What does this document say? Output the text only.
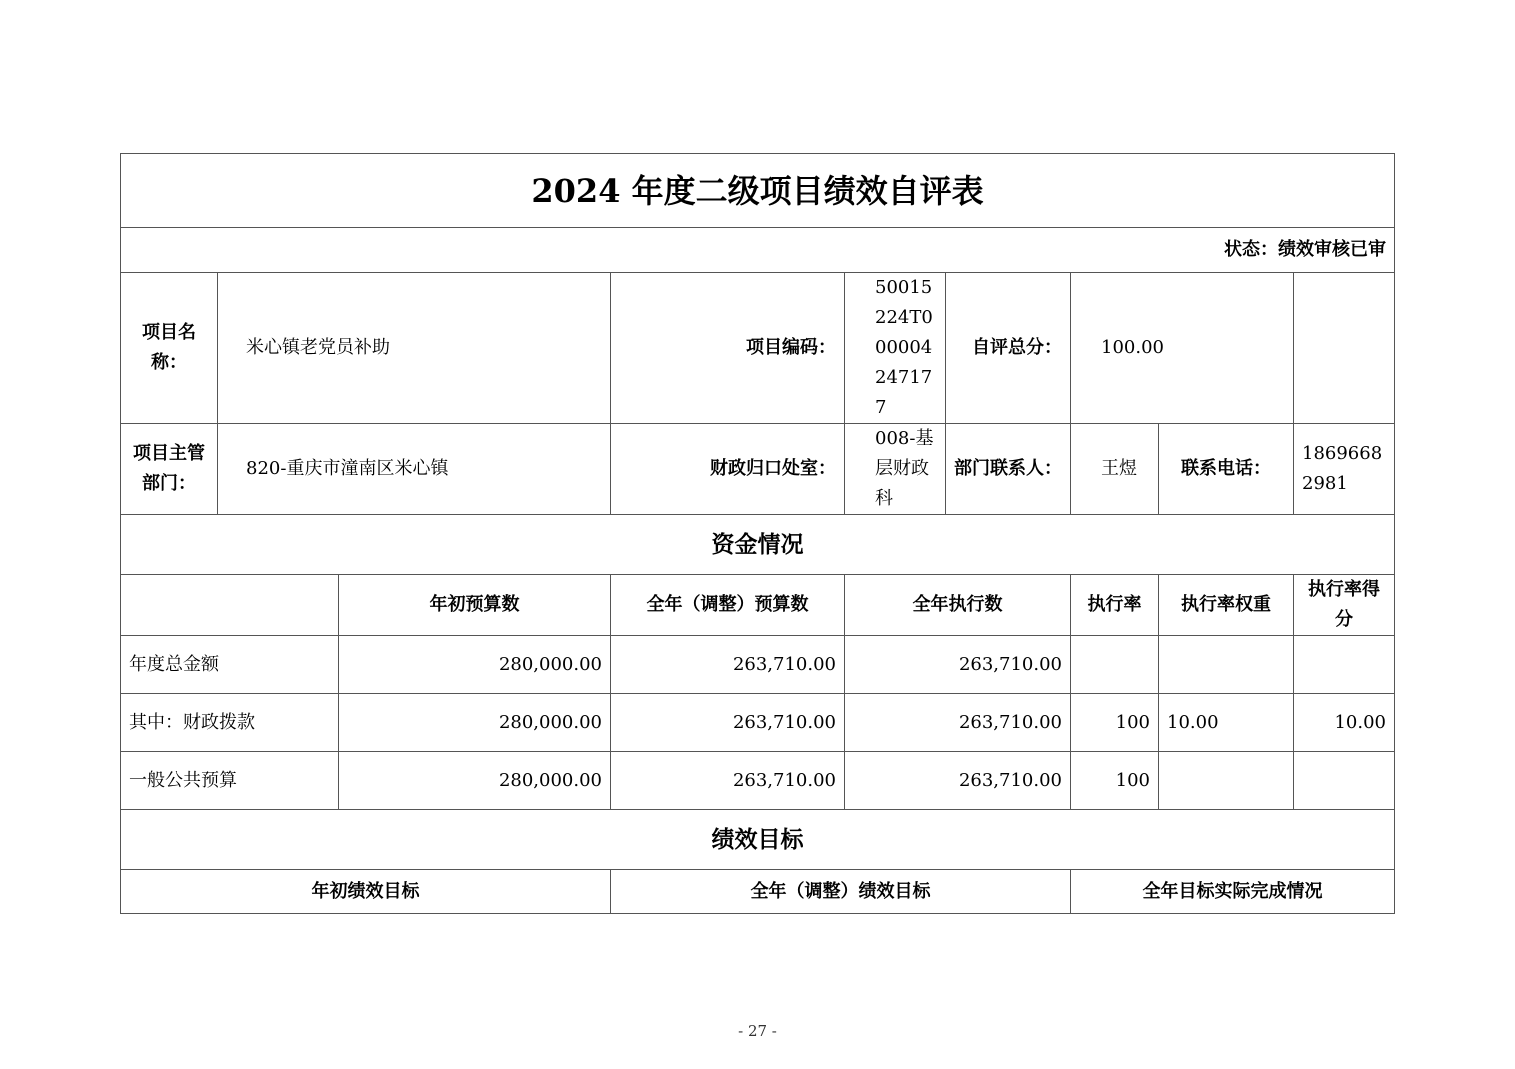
2024 年度二级项目绩效自评表								
状态：绩效审核已审								
项目名称：	米心镇老党员补助		项目编码：	50015224T000004247177	自评总分：	100.00		
项目主管部门：	820-重庆市潼南区米心镇		财政归口处室：	008-基层财政科	部门联系人：	王煜	联系电话：	18696682981
资金情况								
		年初预算数	全年（调整）预算数	全年执行数		执行率	执行率权重	执行率得分
年度总金额		280,000.00	263,710.00	263,710.00				
其中：财政拨款		280,000.00	263,710.00	263,710.00		100	10.00	10.00
一般公共预算		280,000.00	263,710.00	263,710.00		100		
绩效目标								
年初绩效目标			全年（调整）绩效目标			全年目标实际完成情况		
- 27 -
